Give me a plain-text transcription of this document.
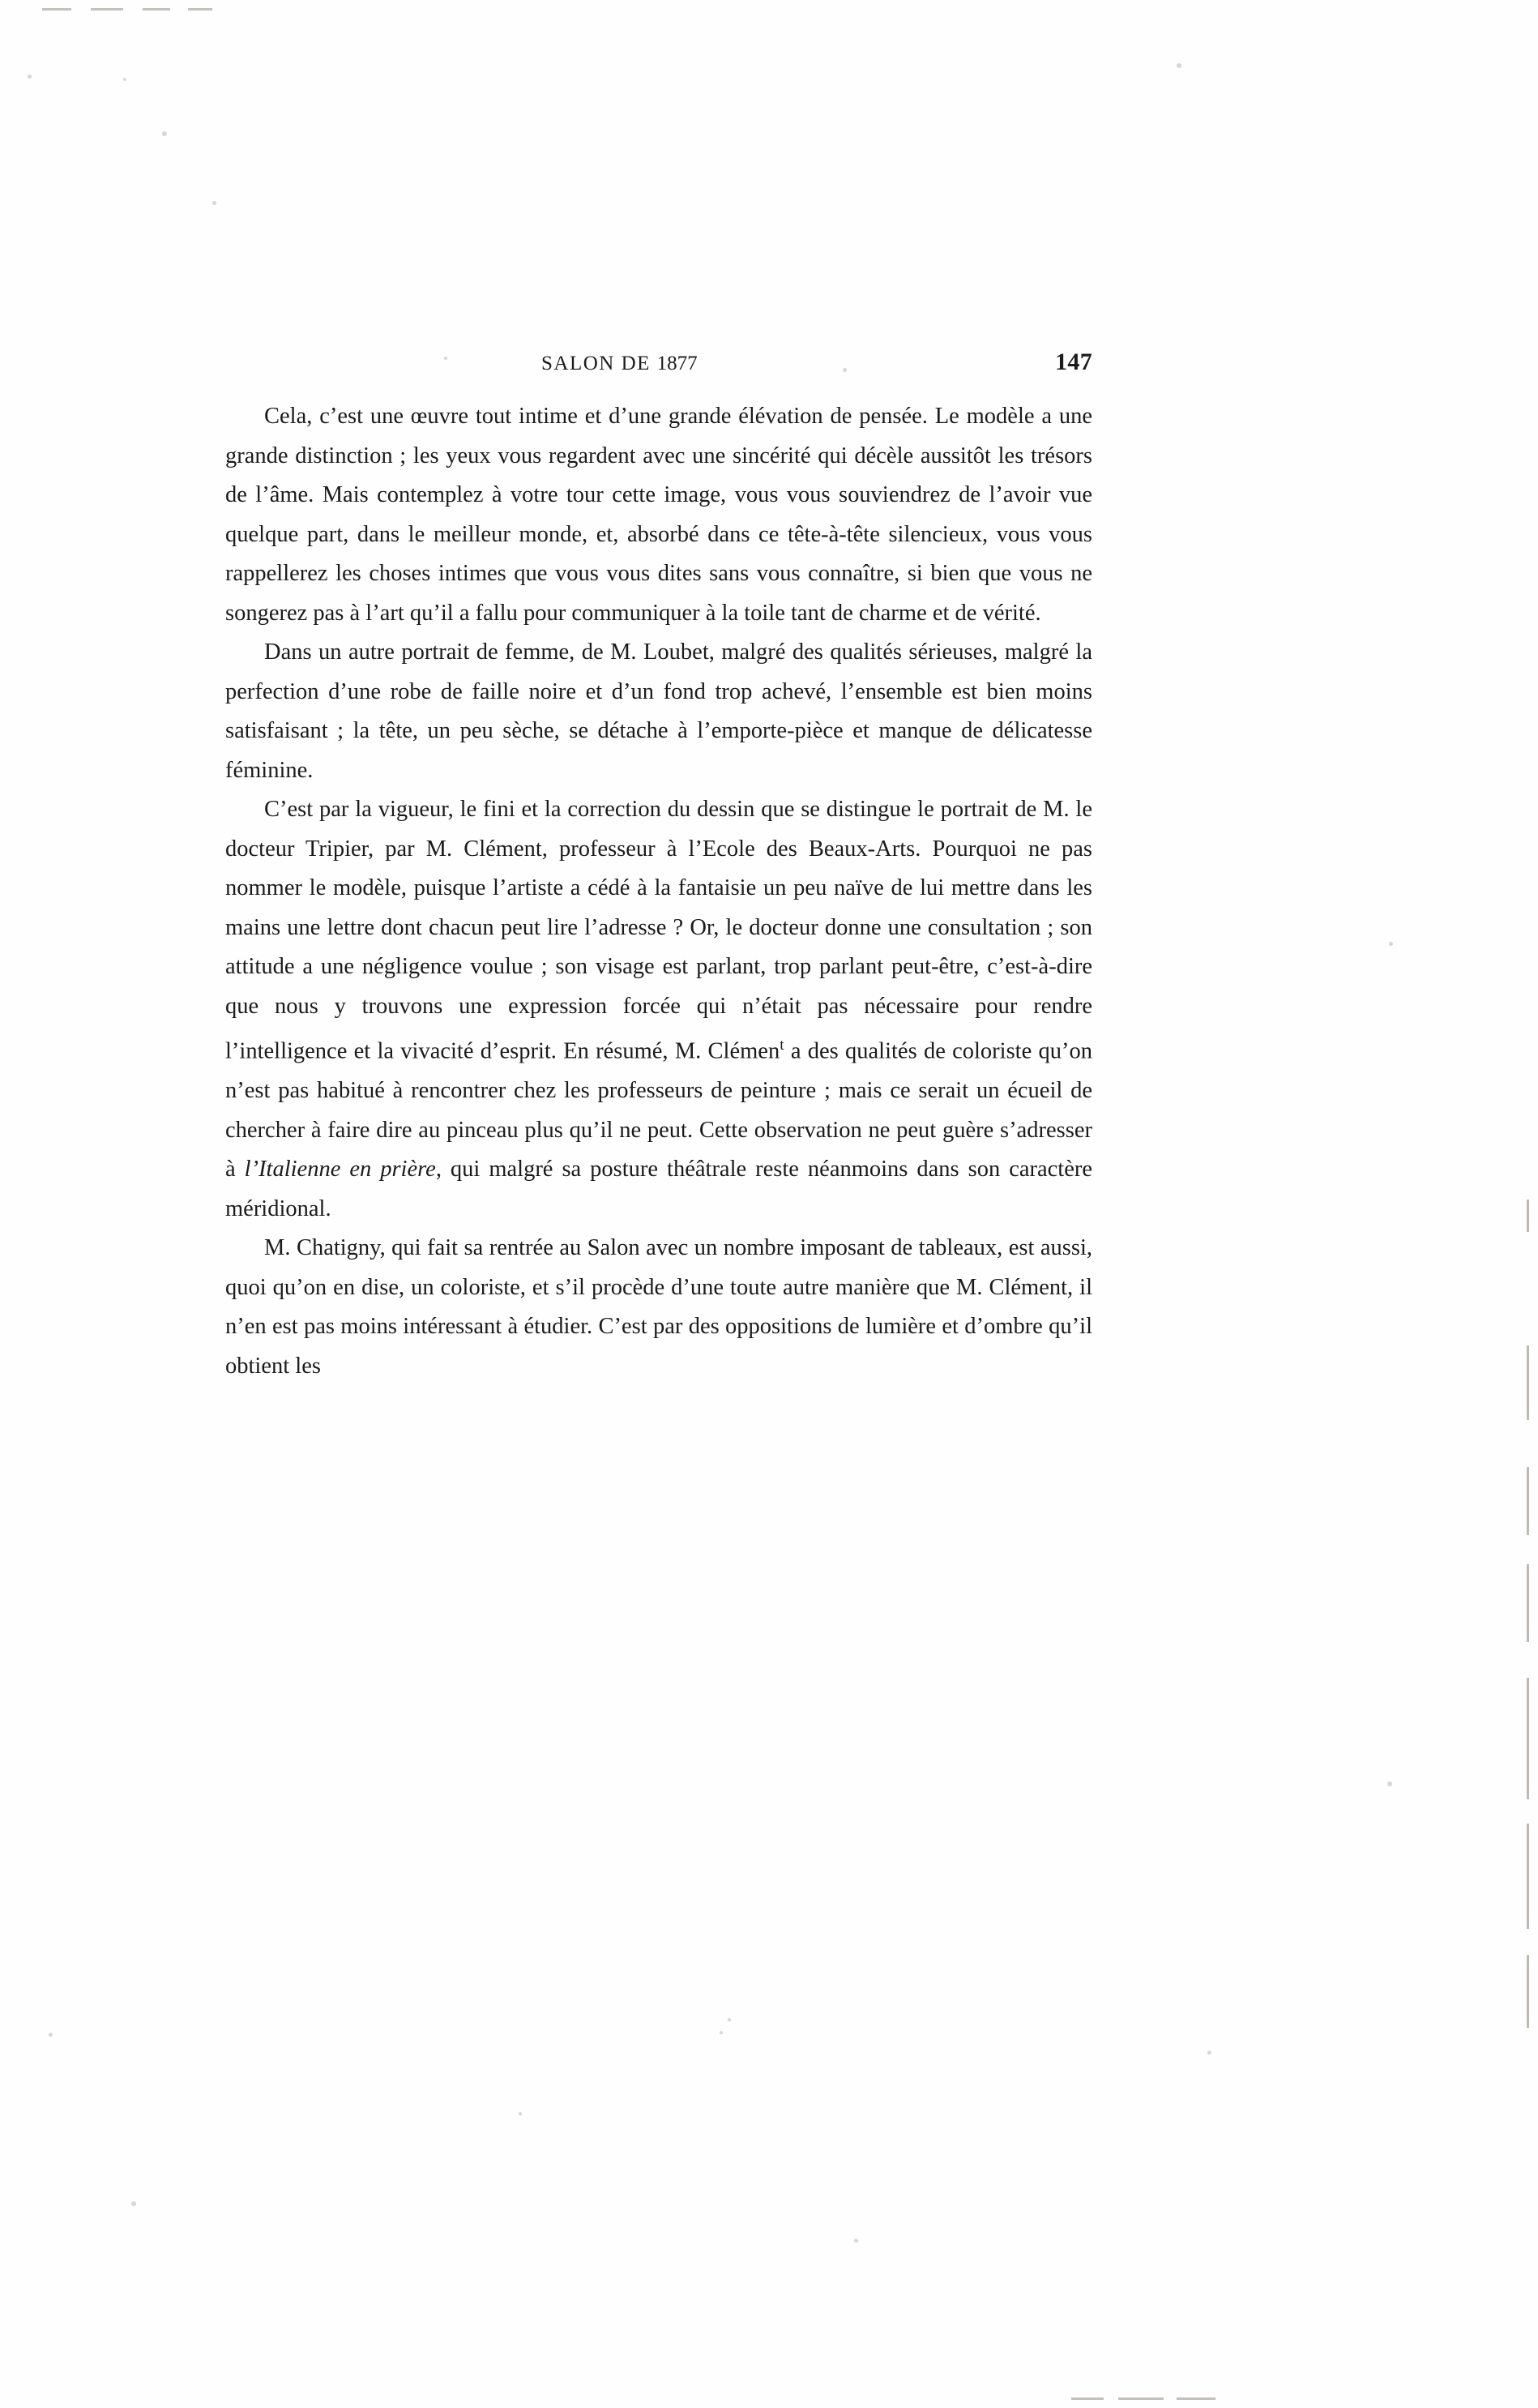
SALON DE 1877	147

Cela, c’est une œuvre tout intime et d’une grande élévation de pensée. Le modèle a une grande distinction ; les yeux vous regardent avec une sincérité qui décèle aussitôt les trésors de l’âme. Mais contemplez à votre tour cette image, vous vous souviendrez de l’avoir vue quelque part, dans le meilleur monde, et, absorbé dans ce tête-à-tête silencieux, vous vous rappellerez les choses intimes que vous vous dites sans vous connaître, si bien que vous ne songerez pas à l’art qu’il a fallu pour communiquer à la toile tant de charme et de vérité.

Dans un autre portrait de femme, de M. Loubet, malgré des qualités sérieuses, malgré la perfection d’une robe de faille noire et d’un fond trop achevé, l’ensemble est bien moins satisfaisant ; la tête, un peu sèche, se détache à l’emporte-pièce et manque de délicatesse féminine.

C’est par la vigueur, le fini et la correction du dessin que se distingue le portrait de M. le docteur Tripier, par M. Clément, professeur à l’Ecole des Beaux-Arts. Pourquoi ne pas nommer le modèle, puisque l’artiste a cédé à la fantaisie un peu naïve de lui mettre dans les mains une lettre dont chacun peut lire l’adresse ? Or, le docteur donne une consultation ; son attitude a une négligence voulue ; son visage est parlant, trop parlant peut-être, c’est-à-dire que nous y trouvons une expression forcée qui n’était pas nécessaire pour rendre l’intelligence et la vivacité d’esprit. En résumé, M. Clémen$^t$ a des qualités de coloriste qu’on n’est pas habitué à rencontrer chez les professeurs de peinture ; mais ce serait un écueil de chercher à faire dire au pinceau plus qu’il ne peut. Cette observation ne peut guère s’adresser à l’Italienne en prière, qui malgré sa posture théâtrale reste néanmoins dans son caractère méridional.

M. Chatigny, qui fait sa rentrée au Salon avec un nombre imposant de tableaux, est aussi, quoi qu’on en dise, un coloriste, et s’il procède d’une toute autre manière que M. Clément, il n’en est pas moins intéressant à étudier. C’est par des oppositions de lumière et d’ombre qu’il obtient les
